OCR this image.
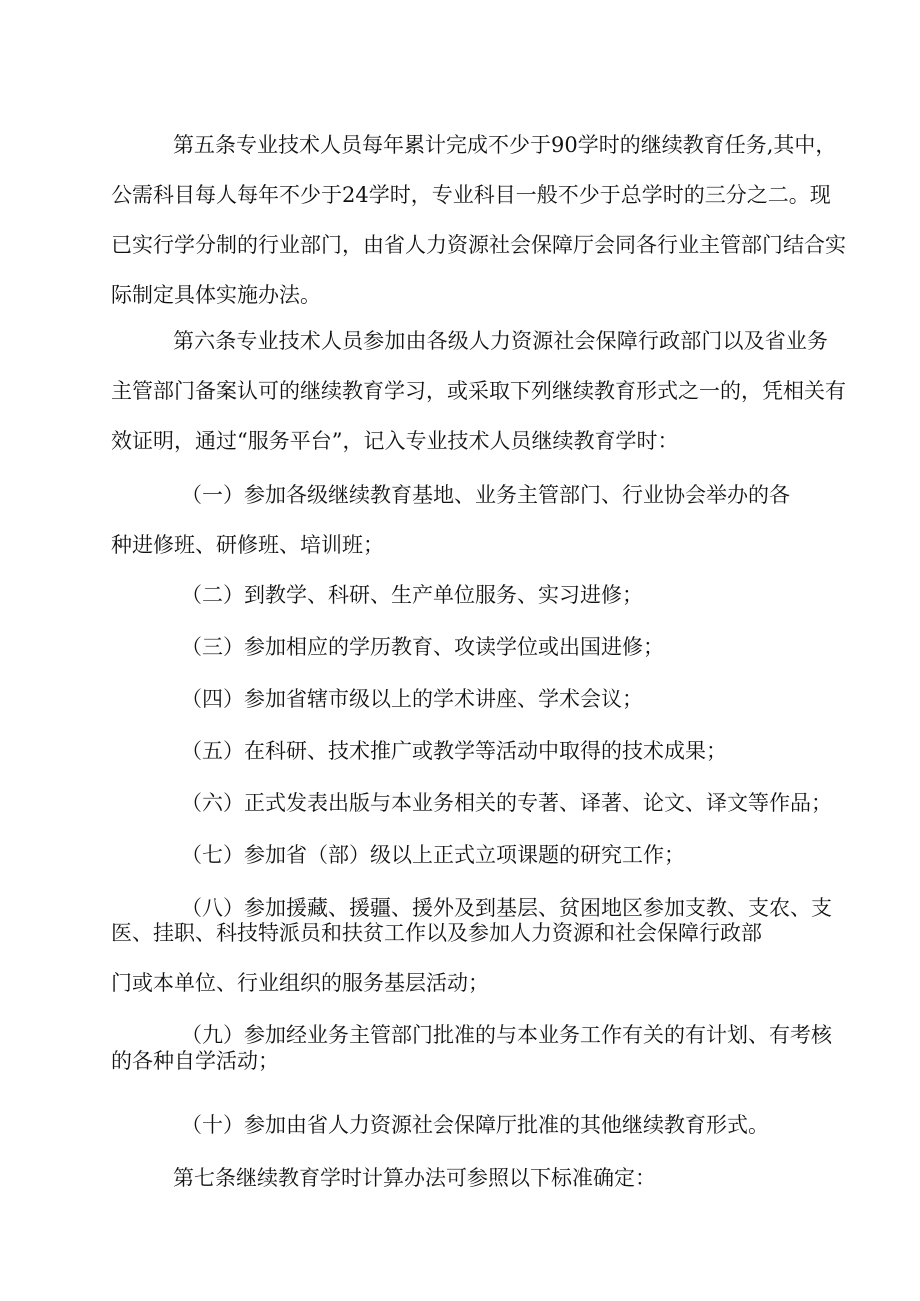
第五条专业技术人员每年累计完成不少于90学时的继续教育任务,其中，

公需科目每人每年不少于24学时，专业科目一般不少于总学时的三分之二。现

已实行学分制的行业部门，由省人力资源社会保障厅会同各行业主管部门结合实

际制定具体实施办法。

第六条专业技术人员参加由各级人力资源社会保障行政部门以及省业务

主管部门备案认可的继续教育学习，或采取下列继续教育形式之一的，凭相关有

效证明，通过“服务平台”，记入专业技术人员继续教育学时：

（一）参加各级继续教育基地、业务主管部门、行业协会举办的各

种进修班、研修班、培训班；

（二）到教学、科研、生产单位服务、实习进修；

（三）参加相应的学历教育、攻读学位或出国进修；

（四）参加省辖市级以上的学术讲座、学术会议；

（五）在科研、技术推广或教学等活动中取得的技术成果；

（六）正式发表出版与本业务相关的专著、译著、论文、译文等作品；

（七）参加省（部）级以上正式立项课题的研究工作；

（八）参加援藏、援疆、援外及到基层、贫困地区参加支教、支农、支

医、挂职、科技特派员和扶贫工作以及参加人力资源和社会保障行政部

门或本单位、行业组织的服务基层活动；

（九）参加经业务主管部门批准的与本业务工作有关的有计划、有考核

的各种自学活动；

（十）参加由省人力资源社会保障厅批准的其他继续教育形式。

第七条继续教育学时计算办法可参照以下标准确定：
